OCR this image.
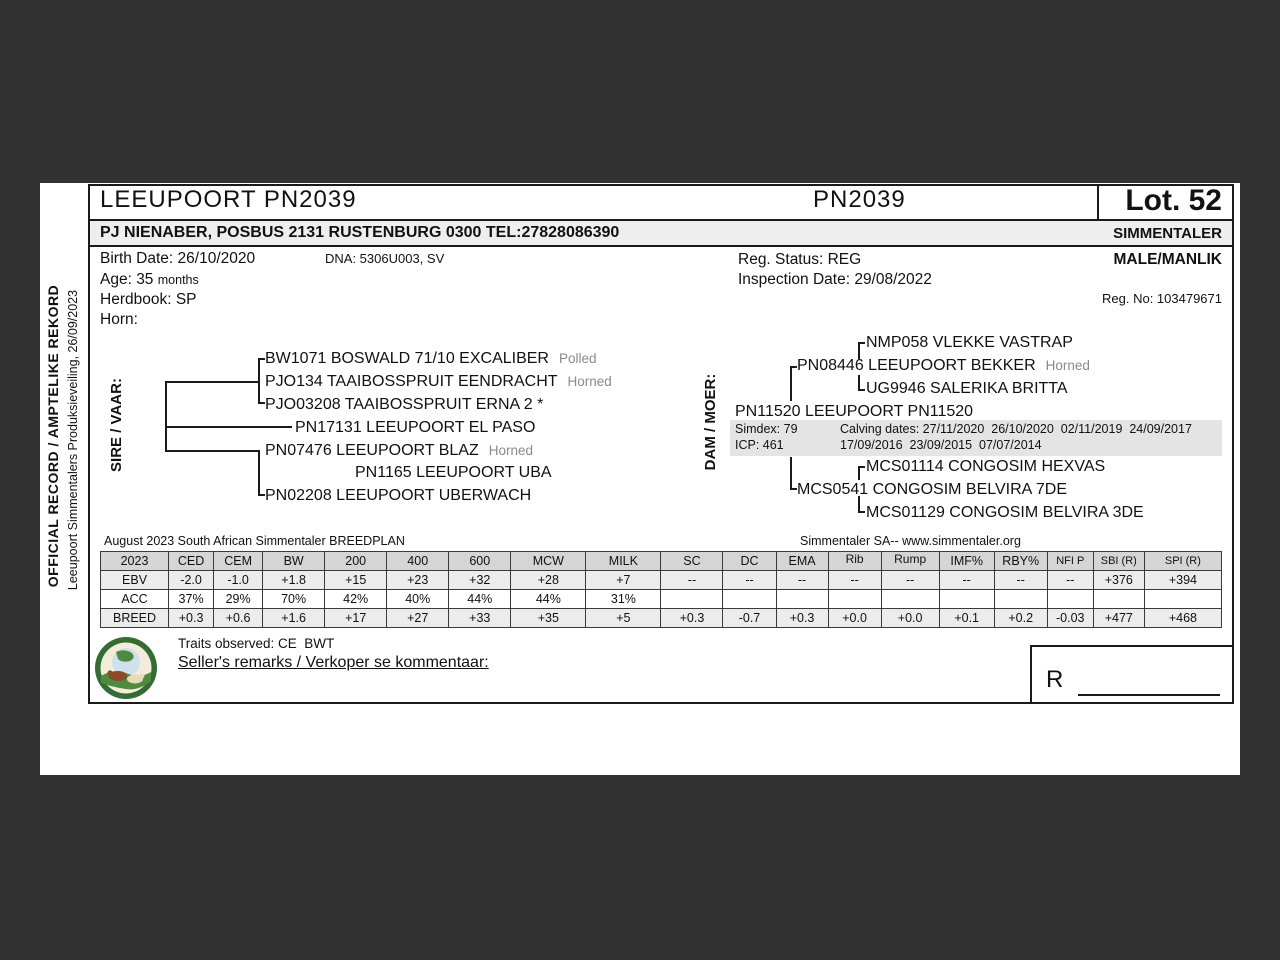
OFFICIAL RECORD / AMPTELIKE REKORD Leeupoort Simmentalers Produksieveiling, 26/09/2023
LEEUPOORT PN2039	PN2039	Lot. 52
PJ NIENABER, POSBUS 2131 RUSTENBURG 0300 TEL:27828086390	SIMMENTALER
Birth Date: 26/10/2020	DNA: 5306U003, SV
Age: 35 months
Herdbook: SP
Horn:
Reg. Status: REG
Inspection Date: 29/08/2022
MALE/MANLIK
Reg. No: 103479671
SIRE / VAAR:	DAM / MOER:
BW1071 BOSWALD 71/10 EXCALIBER Polled
PJO134 TAAIBOSSPRUIT EENDRACHT Horned
PJO03208 TAAIBOSSPRUIT ERNA 2 *
PN17131 LEEUPOORT EL PASO
PN07476 LEEUPOORT BLAZ Horned
PN1165 LEEUPOORT UBA
PN02208 LEEUPOORT UBERWACH
NMP058 VLEKKE VASTRAP
PN08446 LEEUPOORT BEKKER Horned
UG9946 SALERIKA BRITTA
PN11520 LEEUPOORT PN11520
MCS01114 CONGOSIM HEXVAS
MCS0541 CONGOSIM BELVIRA 7DE
MCS01129 CONGOSIM BELVIRA 3DE
Simdex: 79
ICP: 461
Calving dates: 27/11/2020  26/10/2020  02/11/2019  24/09/2017
17/09/2016  23/09/2015  07/07/2014
August 2023 South African Simmentaler BREEDPLAN	Simmentaler SA-- www.simmentaler.org
2023	CED	CEM	BW	200	400	600	MCW	MILK	SC	DC	EMA	Rib	Rump	IMF%	RBY%	NFI P	SBI (R)	SPI (R)
EBV	-2.0	-1.0	+1.8	+15	+23	+32	+28	+7	--	--	--	--	--	--	--	--	+376	+394
ACC	37%	29%	70%	42%	40%	44%	44%	31%										
BREED	+0.3	+0.6	+1.6	+17	+27	+33	+35	+5	+0.3	-0.7	+0.3	+0.0	+0.0	+0.1	+0.2	-0.03	+477	+468
Traits observed: CE  BWT
Seller's remarks / Verkoper se kommentaar:
R
